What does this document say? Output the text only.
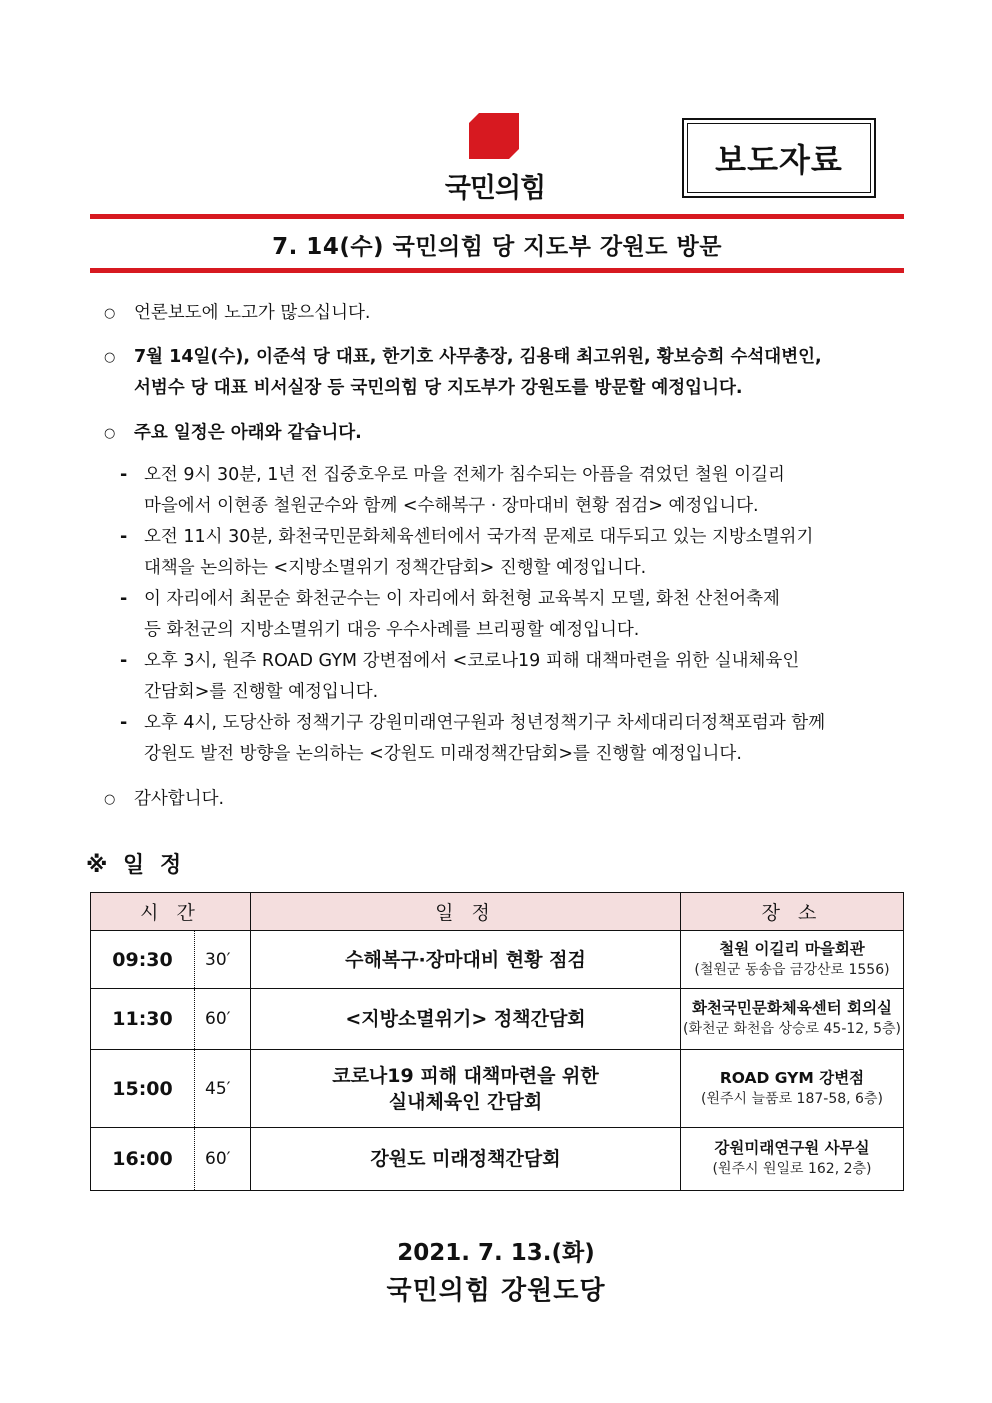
국민의힘
보도자료
7. 14(수) 국민의힘 당 지도부 강원도 방문
○	언론보도에 노고가 많으십니다.
○	7월 14일(수), 이준석 당 대표, 한기호 사무총장, 김용태 최고위원, 황보승희 수석대변인,
서범수 당 대표 비서실장 등 국민의힘 당 지도부가 강원도를 방문할 예정입니다.
○	주요 일정은 아래와 같습니다.
- 오전 9시 30분, 1년 전 집중호우로 마을 전체가 침수되는 아픔을 겪었던 철원 이길리
마을에서 이현종 철원군수와 함께 <수해복구 · 장마대비 현황 점검> 예정입니다.
- 오전 11시 30분, 화천국민문화체육센터에서 국가적 문제로 대두되고 있는 지방소멸위기
대책을 논의하는 <지방소멸위기 정책간담회> 진행할 예정입니다.
- 이 자리에서 최문순 화천군수는 이 자리에서 화천형 교육복지 모델, 화천 산천어축제
등 화천군의 지방소멸위기 대응 우수사례를 브리핑할 예정입니다.
- 오후 3시, 원주 ROAD GYM 강변점에서 <코로나19 피해 대책마련을 위한 실내체육인
간담회>를 진행할 예정입니다.
- 오후 4시, 도당산하 정책기구 강원미래연구원과 청년정책기구 차세대리더정책포럼과 함께
강원도 발전 방향을 논의하는 <강원도 미래정책간담회>를 진행할 예정입니다.
○	감사합니다.
※ 일 정
시 간		일 정	장 소
09:30	30′	수해복구·장마대비 현황 점검	철원 이길리 마을회관
(철원군 동송읍 금강산로 1556)

11:30	60′	<지방소멸위기> 정책간담회	화천국민문화체육센터 회의실
(화천군 화천읍 상승로 45-12, 5층)

15:00	45′	코로나19 피해 대책마련을 위한
실내체육인 간담회	ROAD GYM 강변점
(원주시 늘품로 187-58, 6층)

16:00	60′	강원도 미래정책간담회	강원미래연구원 사무실
(원주시 원일로 162, 2층)
2021. 7. 13.(화)
국민의힘 강원도당
